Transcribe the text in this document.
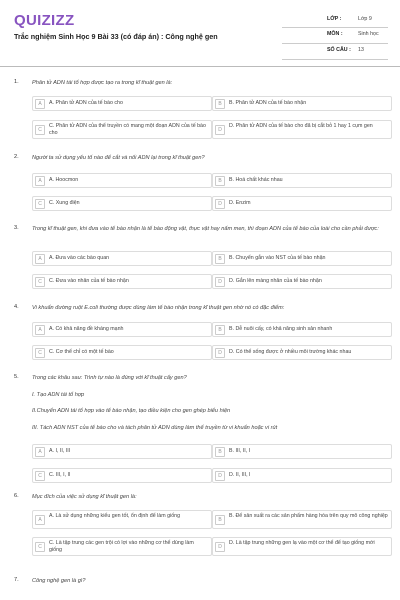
QUIZIZZ
Trắc nghiệm Sinh Học 9 Bài 33 (có đáp án) : Công nghệ gen
LỚP :	Lớp 9
MÔN :	Sinh học
SỐ CÂU : 13
1. Phân tử ADN tái tổ hợp được tạo ra trong kĩ thuật gen là:

A	A. Phân tử ADN của tế bào cho	B	B. Phân tử ADN của tế bào nhận
C
C. Phân tử ADN của thể truyền có mang một đoạn ADN của tế bào cho
D
D. Phân tử ADN của tế bào cho đã bị cắt bỏ 1 hay 1 cụm gen
2. Người ta sử dụng yếu tố nào để cắt và nối ADN lại trong kĩ thuật gen?

A	A. Hoocmon	B	B. Hoá chất khác nhau
C	C. Xung điện	D	D. Enzim
3. Trong kĩ thuật gen, khi đưa vào tế bào nhận là tế bào động vật, thực vật hay nấm men, thì đoạn ADN của tế bào của loài cho cần phải được:

A	A. Đưa vào các bào quan	B	B. Chuyển gắn vào NST của tế bào nhận
C	C. Đưa vào nhân của tế bào nhận	D	D. Gắn lên màng nhân của tế bào nhận
4. Vi khuẩn đường ruột E.coli thường được dùng làm tế bào nhận trong kĩ thuật gen nhờ nó có đặc điểm:

A	A. Có khả năng đề kháng mạnh	B	B. Dễ nuôi cấy, có khả năng sinh sản nhanh
C	C. Cơ thể chỉ có một tế bào	D	D. Có thể sống được ở nhiều môi trường khác nhau
5. Trong các khâu sau: Trình tự nào là đúng với kĩ thuật cấy gen?

I. Tạo ADN tái tổ hợp

II.Chuyển ADN tái tổ hợp vào tế bào nhận, tạo điều kiện cho gen ghép biểu hiện

III. Tách ADN NST của tế bào cho và tách phân tử ADN dùng làm thể truyền từ vi khuẩn hoặc vi rút

A	A. I, II, III	B	B. III, II, I
C	C. III, I, II	D	D. II, III, I
6. Mục đích của việc sử dụng kĩ thuật gen là:

A
A. Là sử dụng những kiểu gen tốt, ổn định để làm giống
B
B. Để sản xuất ra các sản phẩm hàng hóa trên quy mô công nghiệp
C
C. Là tập trung các gen trội có lợi vào những cơ thể dùng làm giống
D
D. Là tập trung những gen lạ vào một cơ thể để tạo giống mới
7. Công nghệ gen là gì?
